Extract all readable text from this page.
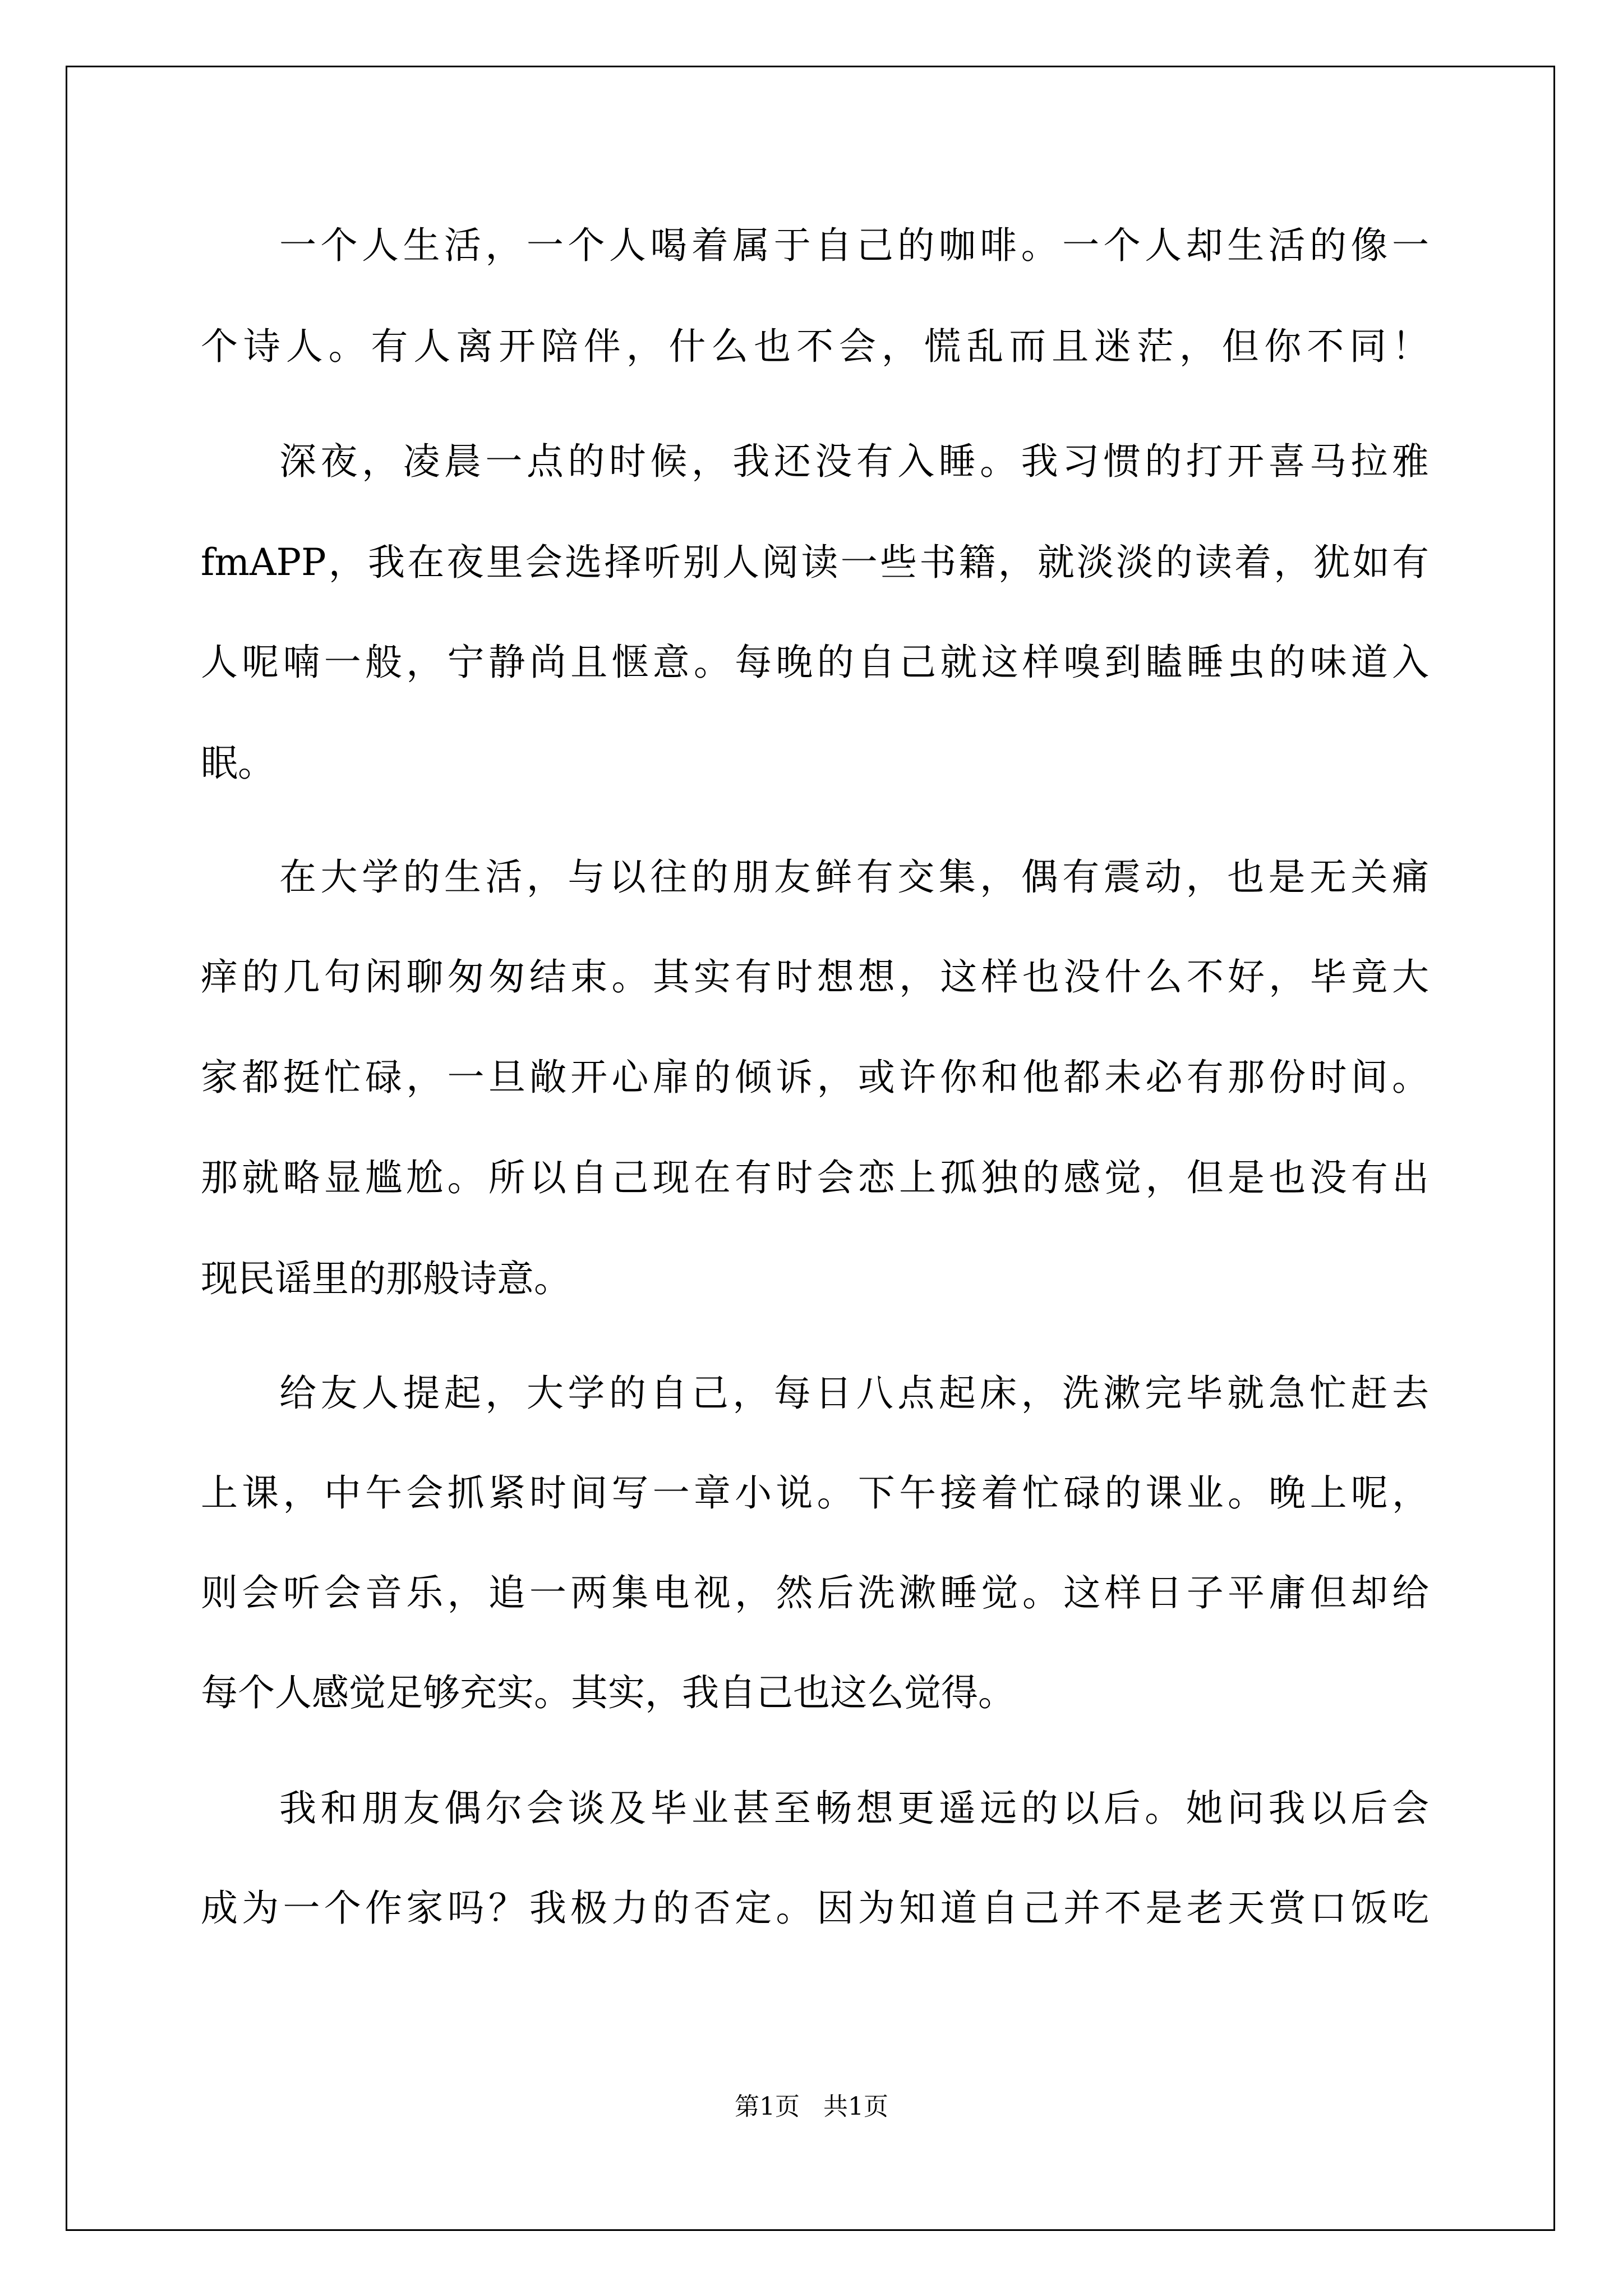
一个人生活，一个人喝着属于自己的咖啡。一个人却生活的像一
个诗人。有人离开陪伴，什么也不会，慌乱而且迷茫，但你不同！
深夜，凌晨一点的时候，我还没有入睡。我习惯的打开喜马拉雅
fmAPP，我在夜里会选择听别人阅读一些书籍，就淡淡的读着，犹如有
人呢喃一般，宁静尚且惬意。每晚的自己就这样嗅到瞌睡虫的味道入
眠。
在大学的生活，与以往的朋友鲜有交集，偶有震动，也是无关痛
痒的几句闲聊匆匆结束。其实有时想想，这样也没什么不好，毕竟大
家都挺忙碌，一旦敞开心扉的倾诉，或许你和他都未必有那份时间。
那就略显尴尬。所以自己现在有时会恋上孤独的感觉，但是也没有出
现民谣里的那般诗意。
给友人提起，大学的自己，每日八点起床，洗漱完毕就急忙赶去
上课，中午会抓紧时间写一章小说。下午接着忙碌的课业。晚上呢，
则会听会音乐，追一两集电视，然后洗漱睡觉。这样日子平庸但却给
每个人感觉足够充实。其实，我自己也这么觉得。
我和朋友偶尔会谈及毕业甚至畅想更遥远的以后。她问我以后会
成为一个作家吗？我极力的否定。因为知道自己并不是老天赏口饭吃
第1页   共1页
